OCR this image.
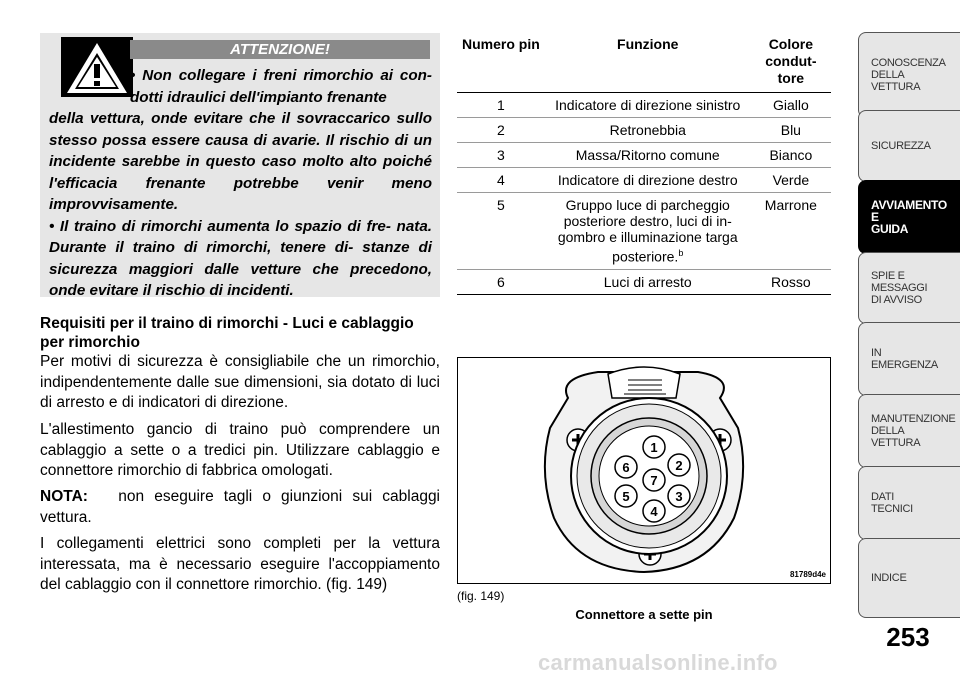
ATTENZIONE!

• Non collegare i freni rimorchio ai con- dotti idraulici dell'impianto frenante

della vettura, onde evitare che il sovraccarico sullo stesso possa essere causa di avarie. Il rischio di un incidente sarebbe in questo caso molto alto poiché l'efficacia frenante potrebbe venir meno improvvisamente.

• Il traino di rimorchi aumenta lo spazio di fre- nata. Durante il traino di rimorchi, tenere di- stanze di sicurezza maggiori dalle vetture che precedono, onde evitare il rischio di incidenti.

Requisiti per il traino di rimorchi - Luci e cablaggio per rimorchio
Per motivi di sicurezza è consigliabile che un rimorchio, indipendentemente dalle sue dimensioni, sia dotato di luci di arresto e di indicatori di direzione.
L'allestimento gancio di traino può comprendere un cablaggio a sette o a tredici pin. Utilizzare cablaggio e connettore rimorchio di fabbrica omologati.
NOTA: non eseguire tagli o giunzioni sui cablaggi vettura.
I collegamenti elettrici sono completi per la vettura interessata, ma è necessario eseguire l'accoppiamento del cablaggio con il connettore rimorchio. (fig. 149)
Numero pin	Funzione	Colore condut- tore
1	Indicatore di direzione sinistro	Giallo
2	Retronebbia	Blu
3	Massa/Ritorno comune	Bianco
4	Indicatore di direzione destro	Verde
5	Gruppo luce di parcheggio posteriore destro, luci di in- gombro e illuminazione targa posteriore.$^b$	Marrone
6	Luci di arresto	Rosso
1
2
3
4
5
6
7
81789d4e
(fig. 149)
Connettore a sette pin
CONOSCENZA
DELLA
VETTURA
SICUREZZA
AVVIAMENTO
E
GUIDA
SPIE E
MESSAGGI
DI AVVISO
IN
EMERGENZA
MANUTENZIONE
DELLA
VETTURA
DATI
TECNICI
INDICE
253
carmanualsonline.info
